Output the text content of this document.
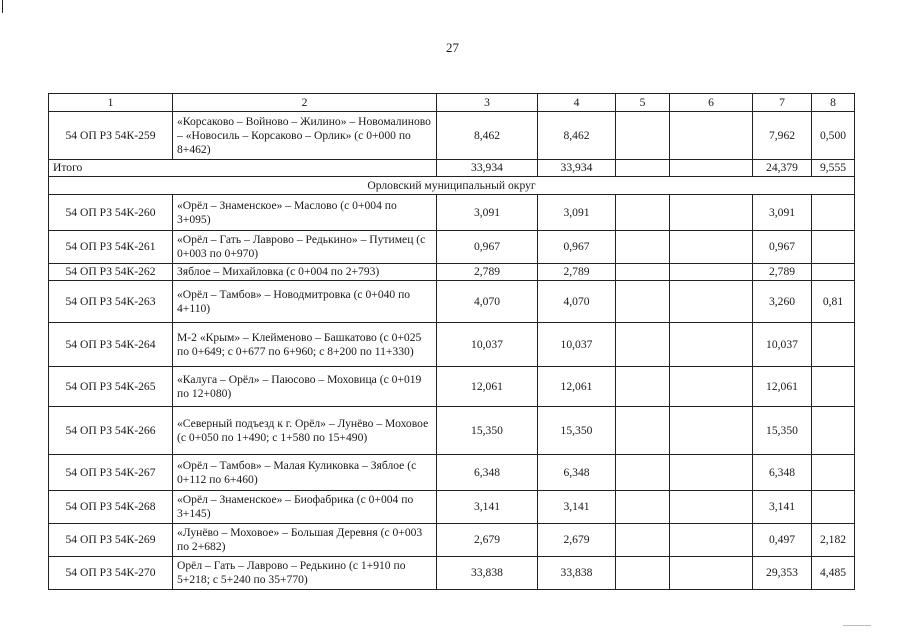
27
1	2	3	4	5	6	7	8
54 ОП РЗ 54К-259	«Корсаково – Войново – Жилино» – Новомалиново – «Новосиль – Корсаково – Орлик» (с 0+000 по 8+462)	8,462	8,462			7,962	0,500
Итого		33,934	33,934			24,379	9,555
Орловский муниципальный округ							
54 ОП РЗ 54К-260	«Орёл – Знаменское» – Маслово (с 0+004 по 3+095)	3,091	3,091			3,091	
54 ОП РЗ 54К-261	«Орёл – Гать – Лаврово – Редькино» – Путимец (с 0+003 по 0+970)	0,967	0,967			0,967	
54 ОП РЗ 54К-262	Зяблое – Михайловка (с 0+004 по 2+793)	2,789	2,789			2,789	
54 ОП РЗ 54К-263	«Орёл – Тамбов» – Новодмитровка (с 0+040 по 4+110)	4,070	4,070			3,260	0,81
54 ОП РЗ 54К-264	М-2 «Крым» – Клейменово – Башкатово (с 0+025 по 0+649; с 0+677 по 6+960; с 8+200 по 11+330)	10,037	10,037			10,037	
54 ОП РЗ 54К-265	«Калуга – Орёл» – Паюсово – Моховица (с 0+019 по 12+080)	12,061	12,061			12,061	
54 ОП РЗ 54К-266	«Северный подъезд к г. Орёл» – Лунёво – Моховое (с 0+050 по 1+490; с 1+580 по 15+490)	15,350	15,350			15,350	
54 ОП РЗ 54К-267	«Орёл – Тамбов» – Малая Куликовка – Зяблое (с 0+112 по 6+460)	6,348	6,348			6,348	
54 ОП РЗ 54К-268	«Орёл – Знаменское» – Биофабрика (с 0+004 по 3+145)	3,141	3,141			3,141	
54 ОП РЗ 54К-269	«Лунёво – Моховое» – Большая Деревня (с 0+003 по 2+682)	2,679	2,679			0,497	2,182
54 ОП РЗ 54К-270	Орёл – Гать – Лаврово – Редькино (с 1+910 по 5+218; с 5+240 по 35+770)	33,838	33,838			29,353	4,485
